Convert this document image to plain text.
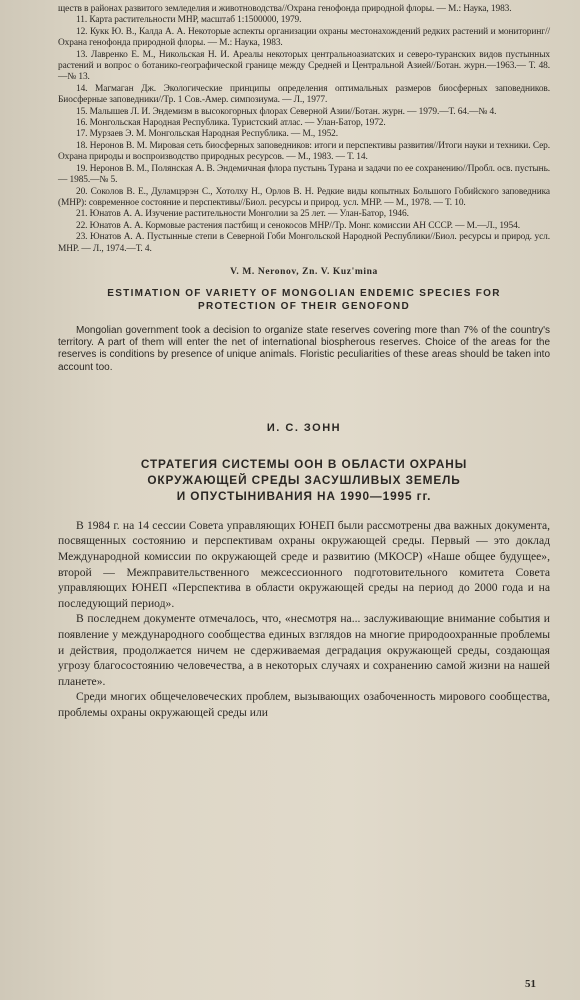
ществ в районах развитого земледелия и животноводства//Охрана генофонда природной флоры. — М.: Наука, 1983.

11. Карта растительности МНР, масштаб 1:1500000, 1979.

12. Кукк Ю. В., Калда А. А. Некоторые аспекты организации охраны местонахождений редких растений и мониторинг//Охрана генофонда природной флоры. — М.: Наука, 1983.

13. Лавренко Е. М., Никольская Н. И. Ареалы некоторых центральноазиатских и северо-туранских видов пустынных растений и вопрос о ботанико-географической границе между Средней и Центральной Азией//Ботан. журн.—1963.— Т. 48.—№ 13.

14. Магмаган Дж. Экологические принципы определения оптимальных размеров биосферных заповедников. Биосферные заповедники//Тр. 1 Сов.-Амер. симпозиума. — Л., 1977.

15. Малышев Л. И. Эндемизм в высокогорных флорах Северной Азии//Ботан. журн. — 1979.—Т. 64.—№ 4.

16. Монгольская Народная Республика. Туристский атлас. — Улан-Батор, 1972.

17. Мурзаев Э. М. Монгольская Народная Республика. — М., 1952.

18. Неронов В. М. Мировая сеть биосферных заповедников: итоги и перспективы развития//Итоги науки и техники. Сер. Охрана природы и воспроизводство природных ресурсов. — М., 1983. — Т. 14.

19. Неронов В. М., Полянская А. В. Эндемичная флора пустынь Турана и задачи по ее сохранению//Пробл. осв. пустынь. — 1985.—№ 5.

20. Соколов В. Е., Дуламцэрэн С., Хотолху Н., Орлов В. Н. Редкие виды копытных Большого Гобийского заповедника (МНР): современное состояние и перспективы//Биол. ресурсы и природ. усл. МНР. — М., 1978. — Т. 10.

21. Юнатов А. А. Изучение растительности Монголии за 25 лет. — Улан-Батор, 1946.

22. Юнатов А. А. Кормовые растения пастбищ и сенокосов МНР//Тр. Монг. комиссии АН СССР. — М.—Л., 1954.

23. Юнатов А. А. Пустынные степи в Северной Гоби Монгольской Народной Республики//Биол. ресурсы и природ. усл. МНР. — Л., 1974.—Т. 4.

V. M. Neronov, Zn. V. Kuz'mina
ESTIMATION OF VARIETY OF MONGOLIAN ENDEMIC SPECIES FOR
PROTECTION OF THEIR GENOFOND

Mongolian government took a decision to organize state reserves covering more than 7% of the country's territory. A part of them will enter the net of international biospherous reserves. Choice of the areas for the reserves is conditions by presence of unique animals. Floristic peculiarities of these areas should be taken into account too.

И. С. ЗОНН
СТРАТЕГИЯ СИСТЕМЫ ООН В ОБЛАСТИ ОХРАНЫ
ОКРУЖАЮЩЕЙ СРЕДЫ ЗАСУШЛИВЫХ ЗЕМЕЛЬ
И ОПУСТЫНИВАНИЯ НА 1990—1995 гг.

В 1984 г. на 14 сессии Совета управляющих ЮНЕП были рассмотрены два важных документа, посвященных состоянию и перспективам охраны окружающей среды. Первый — это доклад Международной комиссии по окружающей среде и развитию (МКОСР) «Наше общее будущее», второй — Межправительственного межсессионного подготовительного комитета Совета управляющих ЮНЕП «Перспектива в области окружающей среды на период до 2000 года и на последующий период».

В последнем документе отмечалось, что, «несмотря на... заслуживающие внимание события и появление у международного сообщества единых взглядов на многие природоохранные проблемы и действия, продолжается ничем не сдерживаемая деградация окружающей среды, создающая угрозу благосостоянию человечества, а в некоторых случаях и сохранению самой жизни на нашей планете».

Среди многих общечеловеческих проблем, вызывающих озабоченность мирового сообщества, проблемы охраны окружающей среды или

51
